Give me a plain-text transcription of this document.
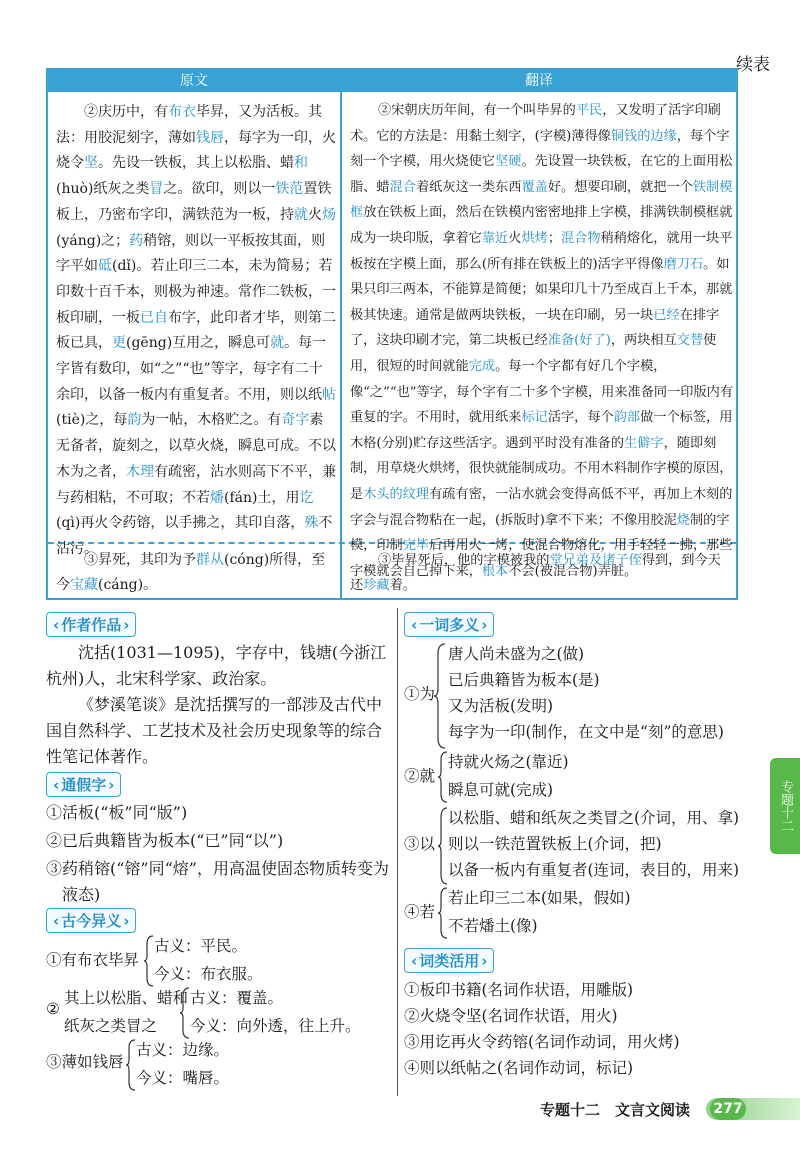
续表
原文	翻译
②庆历中，有布衣毕昇，又为活板。其法：用胶泥刻字，薄如钱唇，每字为一印，火烧令坚。先设一铁板，其上以松脂、蜡和(huò)纸灰之类冒之。欲印，则以一铁范置铁板上，乃密布字印，满铁范为一板，持就火炀(yáng)之；药稍镕，则以一平板按其面，则字平如砥(dǐ)。若止印三二本，未为简易；若印数十百千本，则极为神速。常作二铁板，一板印刷，一板已自布字，此印者才毕，则第二板已具，更(gēng)互用之，瞬息可就。每一字皆有数印，如“之”“也”等字，每字有二十余印，以备一板内有重复者。不用，则以纸帖(tiè)之，每韵为一帖，木格贮之。有奇字素无备者，旋刻之，以草火烧，瞬息可成。不以木为之者，木理有疏密，沾水则高下不平，兼与药相粘，不可取；不若燔(fán)土，用讫(qì)再火令药镕，以手拂之，其印自落，殊不沾污。
②宋朝庆历年间，有一个叫毕昇的平民，又发明了活字印刷术。它的方法是：用黏土刻字，(字模)薄得像铜钱的边缘，每个字刻一个字模，用火烧使它坚硬。先设置一块铁板，在它的上面用松脂、蜡混合着纸灰这一类东西覆盖好。想要印刷，就把一个铁制模框放在铁板上面，然后在铁模内密密地排上字模，排满铁制模框就成为一块印版，拿着它靠近火烘烤；混合物稍稍熔化，就用一块平板按在字模上面，那么(所有排在铁板上的)活字平得像磨刀石。如果只印三两本，不能算是简便；如果印几十乃至成百上千本，那就极其快速。通常是做两块铁板，一块在印刷，另一块已经在排字了，这块印刷才完，第二块板已经准备(好了)，两块相互交替使用，很短的时间就能完成。每一个字都有好几个字模，像“之”“也”等字，每个字有二十多个字模，用来准备同一印版内有重复的字。不用时，就用纸来标记活字，每个韵部做一个标签，用木格(分别)贮存这些活字。遇到平时没有准备的生僻字，随即刻制，用草烧火烘烤，很快就能制成功。不用木料制作字模的原因，是木头的纹理有疏有密，一沾水就会变得高低不平，再加上木刻的字会与混合物粘在一起，(拆版时)拿不下来；不像用胶泥烧制的字模，印制完毕后再用火一烤，使混合物熔化，用手轻轻一拂，那些字模就会自己掉下来，根本不会(被混合物)弄脏。
③昇死，其印为予群从(cóng)所得，至今宝藏(cáng)。
③毕昇死后，他的字模被我的堂兄弟及诸子侄得到，到今天还珍藏着。
‹ 作者作品 ›
沈括(1031—1095)，字存中，钱塘(今浙江杭州)人，北宋科学家、政治家。
《梦溪笔谈》是沈括撰写的一部涉及古代中国自然科学、工艺技术及社会历史现象等的综合性笔记体著作。
‹ 通假字 ›
①活板(“板”同“版”)
②已后典籍皆为板本(“已”同“以”)
③药稍镕(“镕”同“熔”，用高温使固态物质转变为液态)
‹ 古今异义 ›
①有布衣毕昇
古义：平民。
今义：布衣服。
其上以松脂、蜡和
②
纸灰之类冒之
古义：覆盖。
今义：向外透，往上升。
③薄如钱唇
古义：边缘。
今义：嘴唇。
‹ 一词多义 ›
①为
唐人尚未盛为之(做)
已后典籍皆为板本(是)
又为活板(发明)
每字为一印(制作，在文中是“刻”的意思)
②就
持就火炀之(靠近)
瞬息可就(完成)
③以
以松脂、蜡和纸灰之类冒之(介词，用、拿)
则以一铁范置铁板上(介词，把)
以备一板内有重复者(连词，表目的，用来)
④若
若止印三二本(如果，假如)
不若燔土(像)
‹ 词类活用 ›
①板印书籍(名词作状语，用雕版)
②火烧令坚(名词作状语，用火)
③用讫再火令药镕(名词作动词，用火烤)
④则以纸帖之(名词作动词，标记)
专题十二
专题十二　文言文阅读 277
